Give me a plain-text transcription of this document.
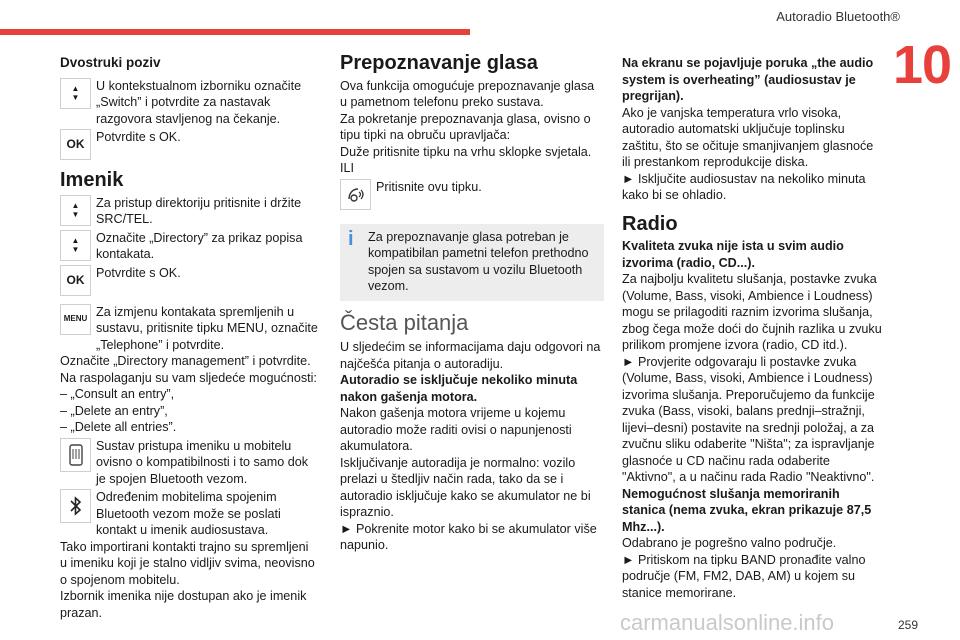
Autoradio Bluetooth®
10
Dvostruki poziv
▲
▼

U kontekstualnom izborniku označite „Switch” i potvrdite za nastavak razgovora stavljenog na čekanje.

OK

Potvrdite s OK.

Imenik
▲
▼

Za pristup direktoriju pritisnite i držite SRC/TEL.

▲
▼

Označite „Directory” za prikaz popisa kontakata.

OK

Potvrdite s OK.

MENU Za izmjenu kontakata spremljenih u sustavu, pritisnite tipku MENU, označite „Telephone” i potvrdite.

Označite „Directory management” i potvrdite.

Na raspolaganju su vam sljedeće mogućnosti:

– „Consult an entry”,

– „Delete an entry”,

– „Delete all entries”.

Sustav pristupa imeniku u mobitelu ovisno o kompatibilnosti i to samo dok je spojen Bluetooth vezom.

Određenim mobitelima spojenim Bluetooth vezom može se poslati kontakt u imenik audiosustava.

Tako importirani kontakti trajno su spremljeni u imeniku koji je stalno vidljiv svima, neovisno o spojenom mobitelu.

Izbornik imenika nije dostupan ako je imenik prazan.

Prepoznavanje glasa

Ova funkcija omogućuje prepoznavanje glasa u pametnom telefonu preko sustava.

Za pokretanje prepoznavanja glasa, ovisno o tipu tipki na obruču upravljača:

Duže pritisnite tipku na vrhu sklopke svjetala.

ILI

Pritisnite ovu tipku.

i	Za prepoznavanje glasa potreban je kompatibilan pametni telefon prethodno spojen sa sustavom u vozilu Bluetooth vezom.

Česta pitanja

U sljedećim se informacijama daju odgovori na najčešća pitanja o autoradiju.

Autoradio se isključuje nekoliko minuta nakon gašenja motora.

Nakon gašenja motora vrijeme u kojemu autoradio može raditi ovisi o napunjenosti akumulatora.

Isključivanje autoradija je normalno: vozilo prelazi u štedljiv način rada, tako da se i autoradio isključuje kako se akumulator ne bi ispraznio.

► Pokrenite motor kako bi se akumulator više napunio.

Na ekranu se pojavljuje poruka „the audio system is overheating” (audiosustav je pregrijan).

Ako je vanjska temperatura vrlo visoka, autoradio automatski uključuje toplinsku zaštitu, što se očituje smanjivanjem glasnoće ili prestankom reprodukcije diska.

► Isključite audiosustav na nekoliko minuta kako bi se ohladio.

Radio

Kvaliteta zvuka nije ista u svim audio izvorima (radio, CD...).

Za najbolju kvalitetu slušanja, postavke zvuka (Volume, Bass, visoki, Ambience i Loudness) mogu se prilagoditi raznim izvorima slušanja, zbog čega može doći do čujnih razlika u zvuku prilikom promjene izvora (radio, CD itd.).

► Provjerite odgovaraju li postavke zvuka (Volume, Bass, visoki, Ambience i Loudness) izvorima slušanja. Preporučujemo da funkcije zvuka (Bass, visoki, balans prednji–stražnji, lijevi–desni) postavite na srednji položaj, a za zvučnu sliku odaberite "Ništa"; za ispravljanje glasnoće u CD načinu rada odaberite "Aktivno", a u načinu rada Radio "Neaktivno".

Nemogućnost slušanja memoriranih stanica (nema zvuka, ekran prikazuje 87,5 Mhz...).

Odabrano je pogrešno valno područje.

► Pritiskom na tipku BAND pronađite valno područje (FM, FM2, DAB, AM) u kojem su stanice memorirane.

carmanualsonline.info	259
